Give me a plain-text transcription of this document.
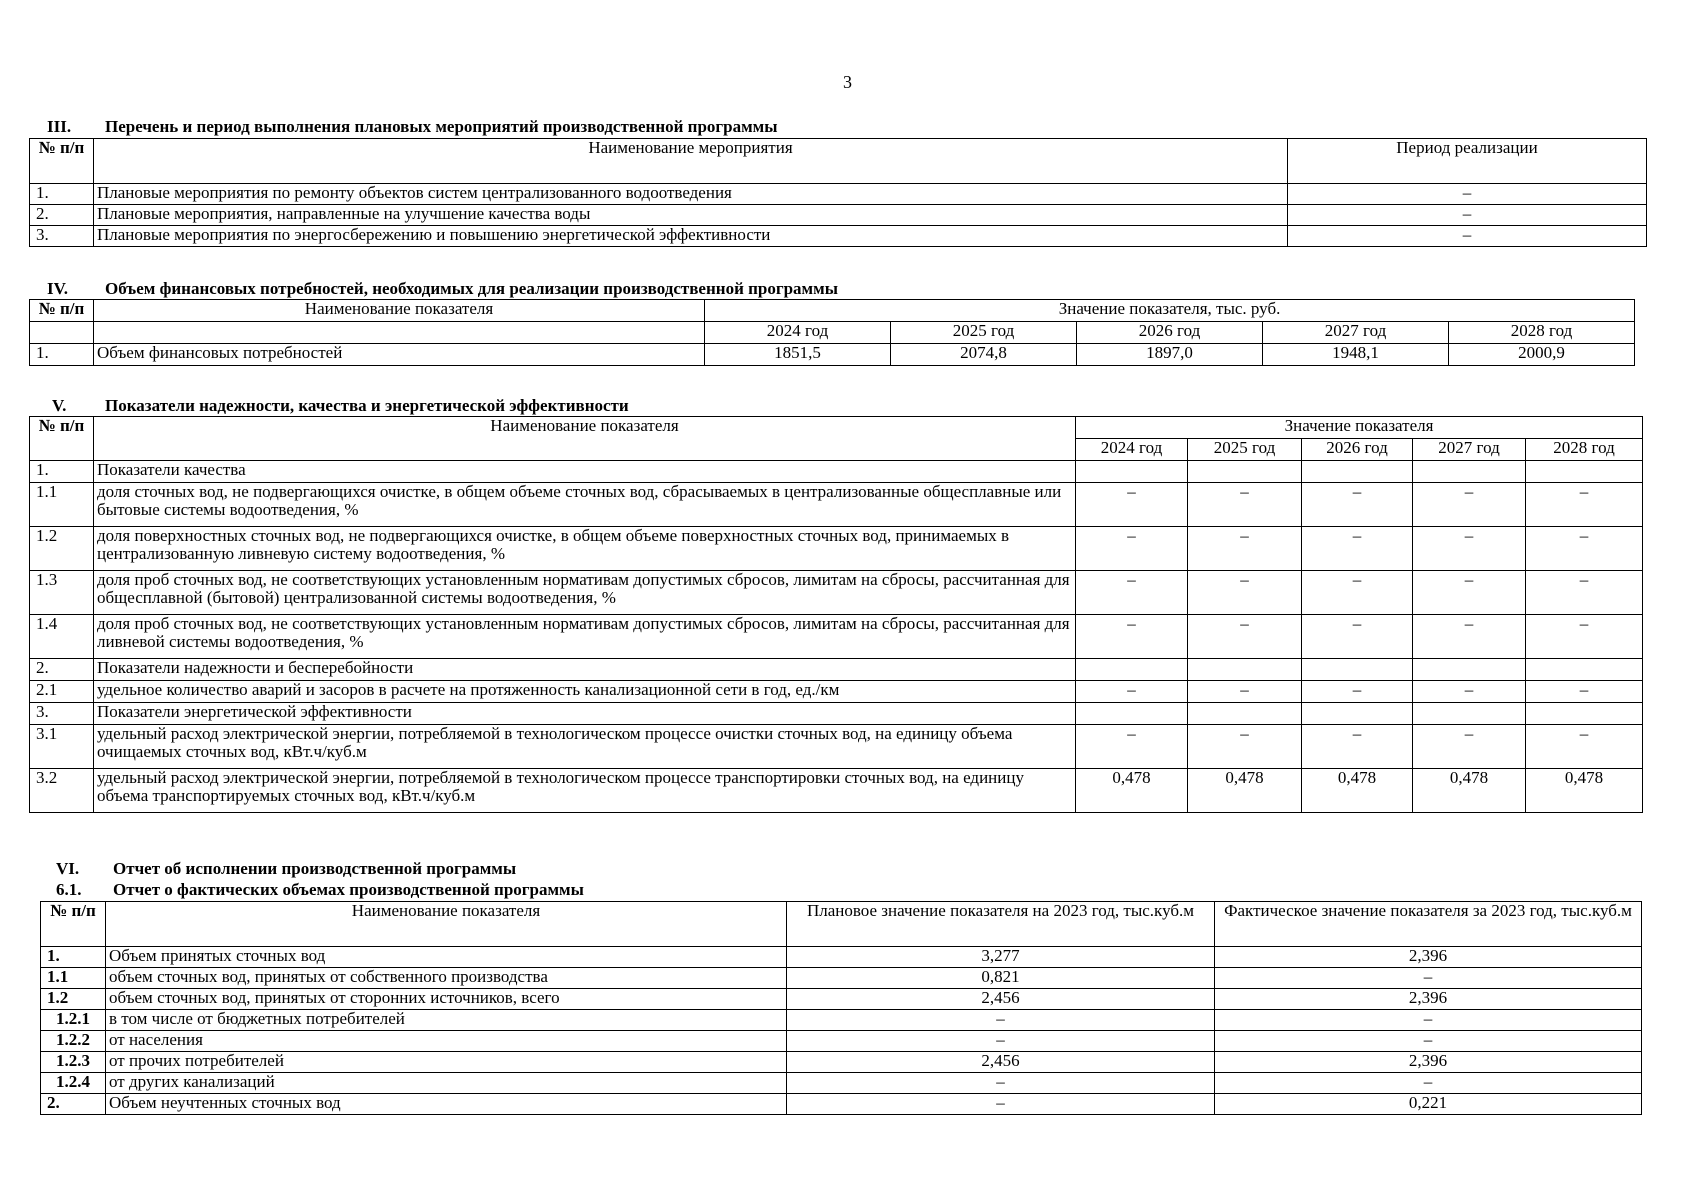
3
III. Перечень и период выполнения плановых мероприятий производственной программы
№ п/п	Наименование мероприятия	Период реализации
1.	Плановые мероприятия по ремонту объектов систем централизованного водоотведения	–
2.	Плановые мероприятия, направленные на улучшение качества воды	–
3.	Плановые мероприятия по энергосбережению и повышению энергетической эффективности	–
IV. Объем финансовых потребностей, необходимых для реализации производственной программы
№ п/п	Наименование показателя	Значение показателя, тыс. руб.				
		2024 год	2025 год	2026 год	2027 год	2028 год
1.	Объем финансовых потребностей	1851,5	2074,8	1897,0	1948,1	2000,9
V. Показатели надежности, качества и энергетической эффективности
№ п/п	Наименование показателя	Значение показателя				
		2024 год	2025 год	2026 год	2027 год	2028 год
1.	Показатели качества					
1.1	доля сточных вод, не подвергающихся очистке, в общем объеме сточных вод, сбрасываемых в централизованные общесплавные или бытовые системы водоотведения, %	–	–	–	–	–
1.2	доля поверхностных сточных вод, не подвергающихся очистке, в общем объеме поверхностных сточных вод, принимаемых в централизованную ливневую систему водоотведения, %	–	–	–	–	–
1.3	доля проб сточных вод, не соответствующих установленным нормативам допустимых сбросов, лимитам на сбросы, рассчитанная для общесплавной (бытовой) централизованной системы водоотведения, %	–	–	–	–	–
1.4	доля проб сточных вод, не соответствующих установленным нормативам допустимых сбросов, лимитам на сбросы, рассчитанная для ливневой системы водоотведения, %	–	–	–	–	–
2.	Показатели надежности и бесперебойности					
2.1	удельное количество аварий и засоров в расчете на протяженность канализационной сети в год, ед./км	–	–	–	–	–
3.	Показатели энергетической эффективности					
3.1	удельный расход электрической энергии, потребляемой в технологическом процессе очистки сточных вод, на единицу объема очищаемых сточных вод, кВт.ч/куб.м	–	–	–	–	–
3.2	удельный расход электрической энергии, потребляемой в технологическом процессе транспортировки сточных вод, на единицу объема транспортируемых сточных вод, кВт.ч/куб.м	0,478	0,478	0,478	0,478	0,478
VI. Отчет об исполнении производственной программы
6.1. Отчет о фактических объемах производственной программы
№ п/п	Наименование показателя	Плановое значение показателя на 2023 год, тыс.куб.м	Фактическое значение показателя за 2023 год, тыс.куб.м
1.	Объем принятых сточных вод	3,277	2,396
1.1	объем сточных вод, принятых от собственного производства	0,821	–
1.2	объем сточных вод, принятых от сторонних источников, всего	2,456	2,396
1.2.1	в том числе от бюджетных потребителей	–	–
1.2.2	от населения	–	–
1.2.3	от прочих потребителей	2,456	2,396
1.2.4	от других канализаций	–	–
2.	Объем неучтенных сточных вод	–	0,221
